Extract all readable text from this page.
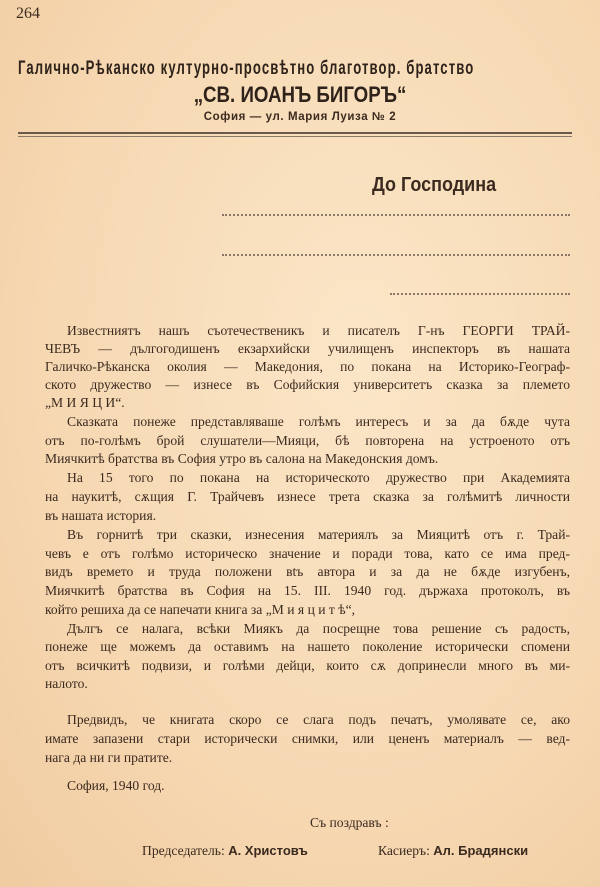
264
Галично-Рѣканско културно-просвѣтно благотвор. братство
„СВ. ИОАНЪ БИГОРЪ“
София — ул. Мария Луиза № 2
До Господина
Известниятъ нашъ съотечественикъ и писателъ Г-нъ ГЕОРГИ ТРАЙ-
ЧЕВЪ — дългогодишенъ екзархийски училищенъ инспекторъ въ нашата
Галичко-Рѣканска околия — Македония, по покана на Историко-Географ-
ското дружество — изнесе въ Софийския университетъ сказка за племето
„М И Я Ц И“.
Сказката понеже представляваше голѣмъ интересъ и за да бѫде чута
отъ по-голѣмъ брой слушатели—Мияци, бѣ повторена на устроеното отъ
Миячкитѣ братства въ София утро въ салона на Македонския домъ.
На 15 того по покана на историческото дружество при Академията
на наукитѣ, сѫщия Г. Трайчевъ изнесе трета сказка за голѣмитѣ личности
въ нашата история.
Въ горнитѣ три сказки, изнесения материялъ за Мияцитѣ отъ г. Трай-
чевъ е отъ голѣмо историческо значение и поради това, като се има пред-
видъ времето и труда положени вtъ автора и за да не бѫде изгубенъ,
Миячкитѣ братства въ София на 15. III. 1940 год. държаха протоколъ, въ
който решиха да се напечати книга за „М и я ц и т ѣ“,
Дългъ се налага, всѣки Миякъ да посрещне това решение съ радость,
понеже ще можемъ да оставимъ на нашето поколение исторически спомени
отъ всичкитѣ подвизи, и голѣми дейци, които сѫ допринесли много въ ми-
налото.
Предвидъ, че книгата скоро се слага подъ печатъ, умолявате се, ако
имате запазени стари исторически снимки, или цененъ материалъ — вед-
нага да ни ги пратите.
София, 1940 год.
Съ поздравъ :
Председатель: А. Христовъ	Касиеръ: Ал. Брадянски
